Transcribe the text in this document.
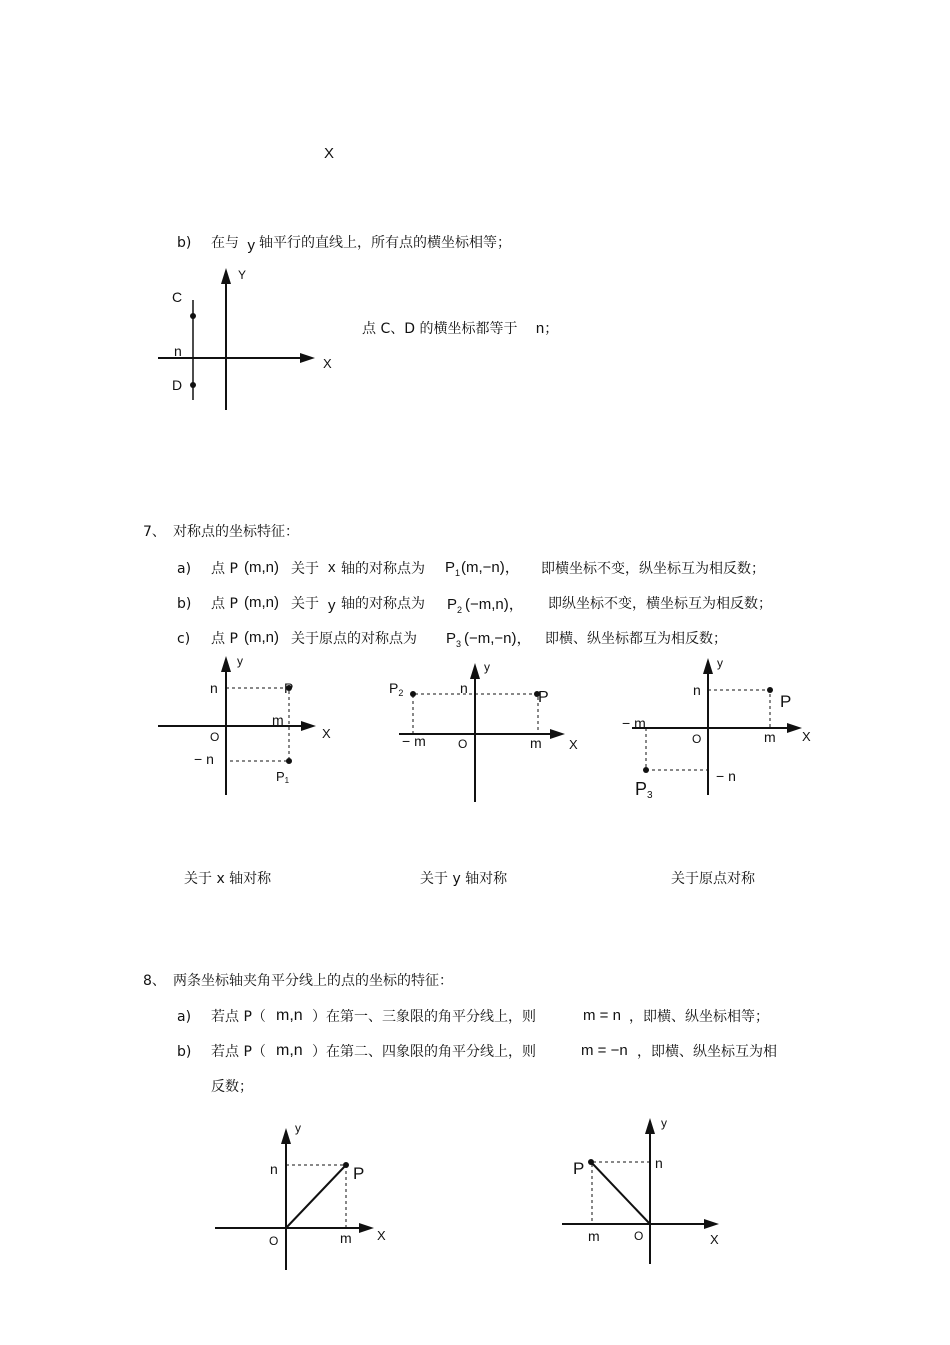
X
b) 在与 y 轴平行的直线上，所有点的横坐标相等；
Y
X
C
D
n
点 C、D 的横坐标都等于 n；
7、 对称点的坐标特征：
a) 点 P (m,n) 关于 x 轴的对称点为 $P_1$ (m,−n)， 即横坐标不变，纵坐标互为相反数；
b) 点 P (m,n) 关于 y 轴的对称点为 $P_2$ (−m,n)， 即纵坐标不变，横坐标互为相反数；
c) 点 P (m,n) 关于原点的对称点为 $P_3$ (−m,−n)， 即横、纵坐标都互为相反数；
y
X
n	P
m
O
− n
P1
y
X
n
P
$P_2$
− m	O	m
y
X
n
P
− m
O	m
− n
P3
关于 x 轴对称	关于 y 轴对称	关于原点对称
8、 两条坐标轴夹角平分线上的点的坐标的特征：
a) 若点 P（ m,n ）在第一、三象限的角平分线上，则	m = n ，即横、纵坐标相等；
b) 若点 P（ m,n ）在第二、四象限的角平分线上，则	m = −n ，即横、纵坐标互为相
反数；
y
X
n	P
O	m
y
X
n
P
O
m
